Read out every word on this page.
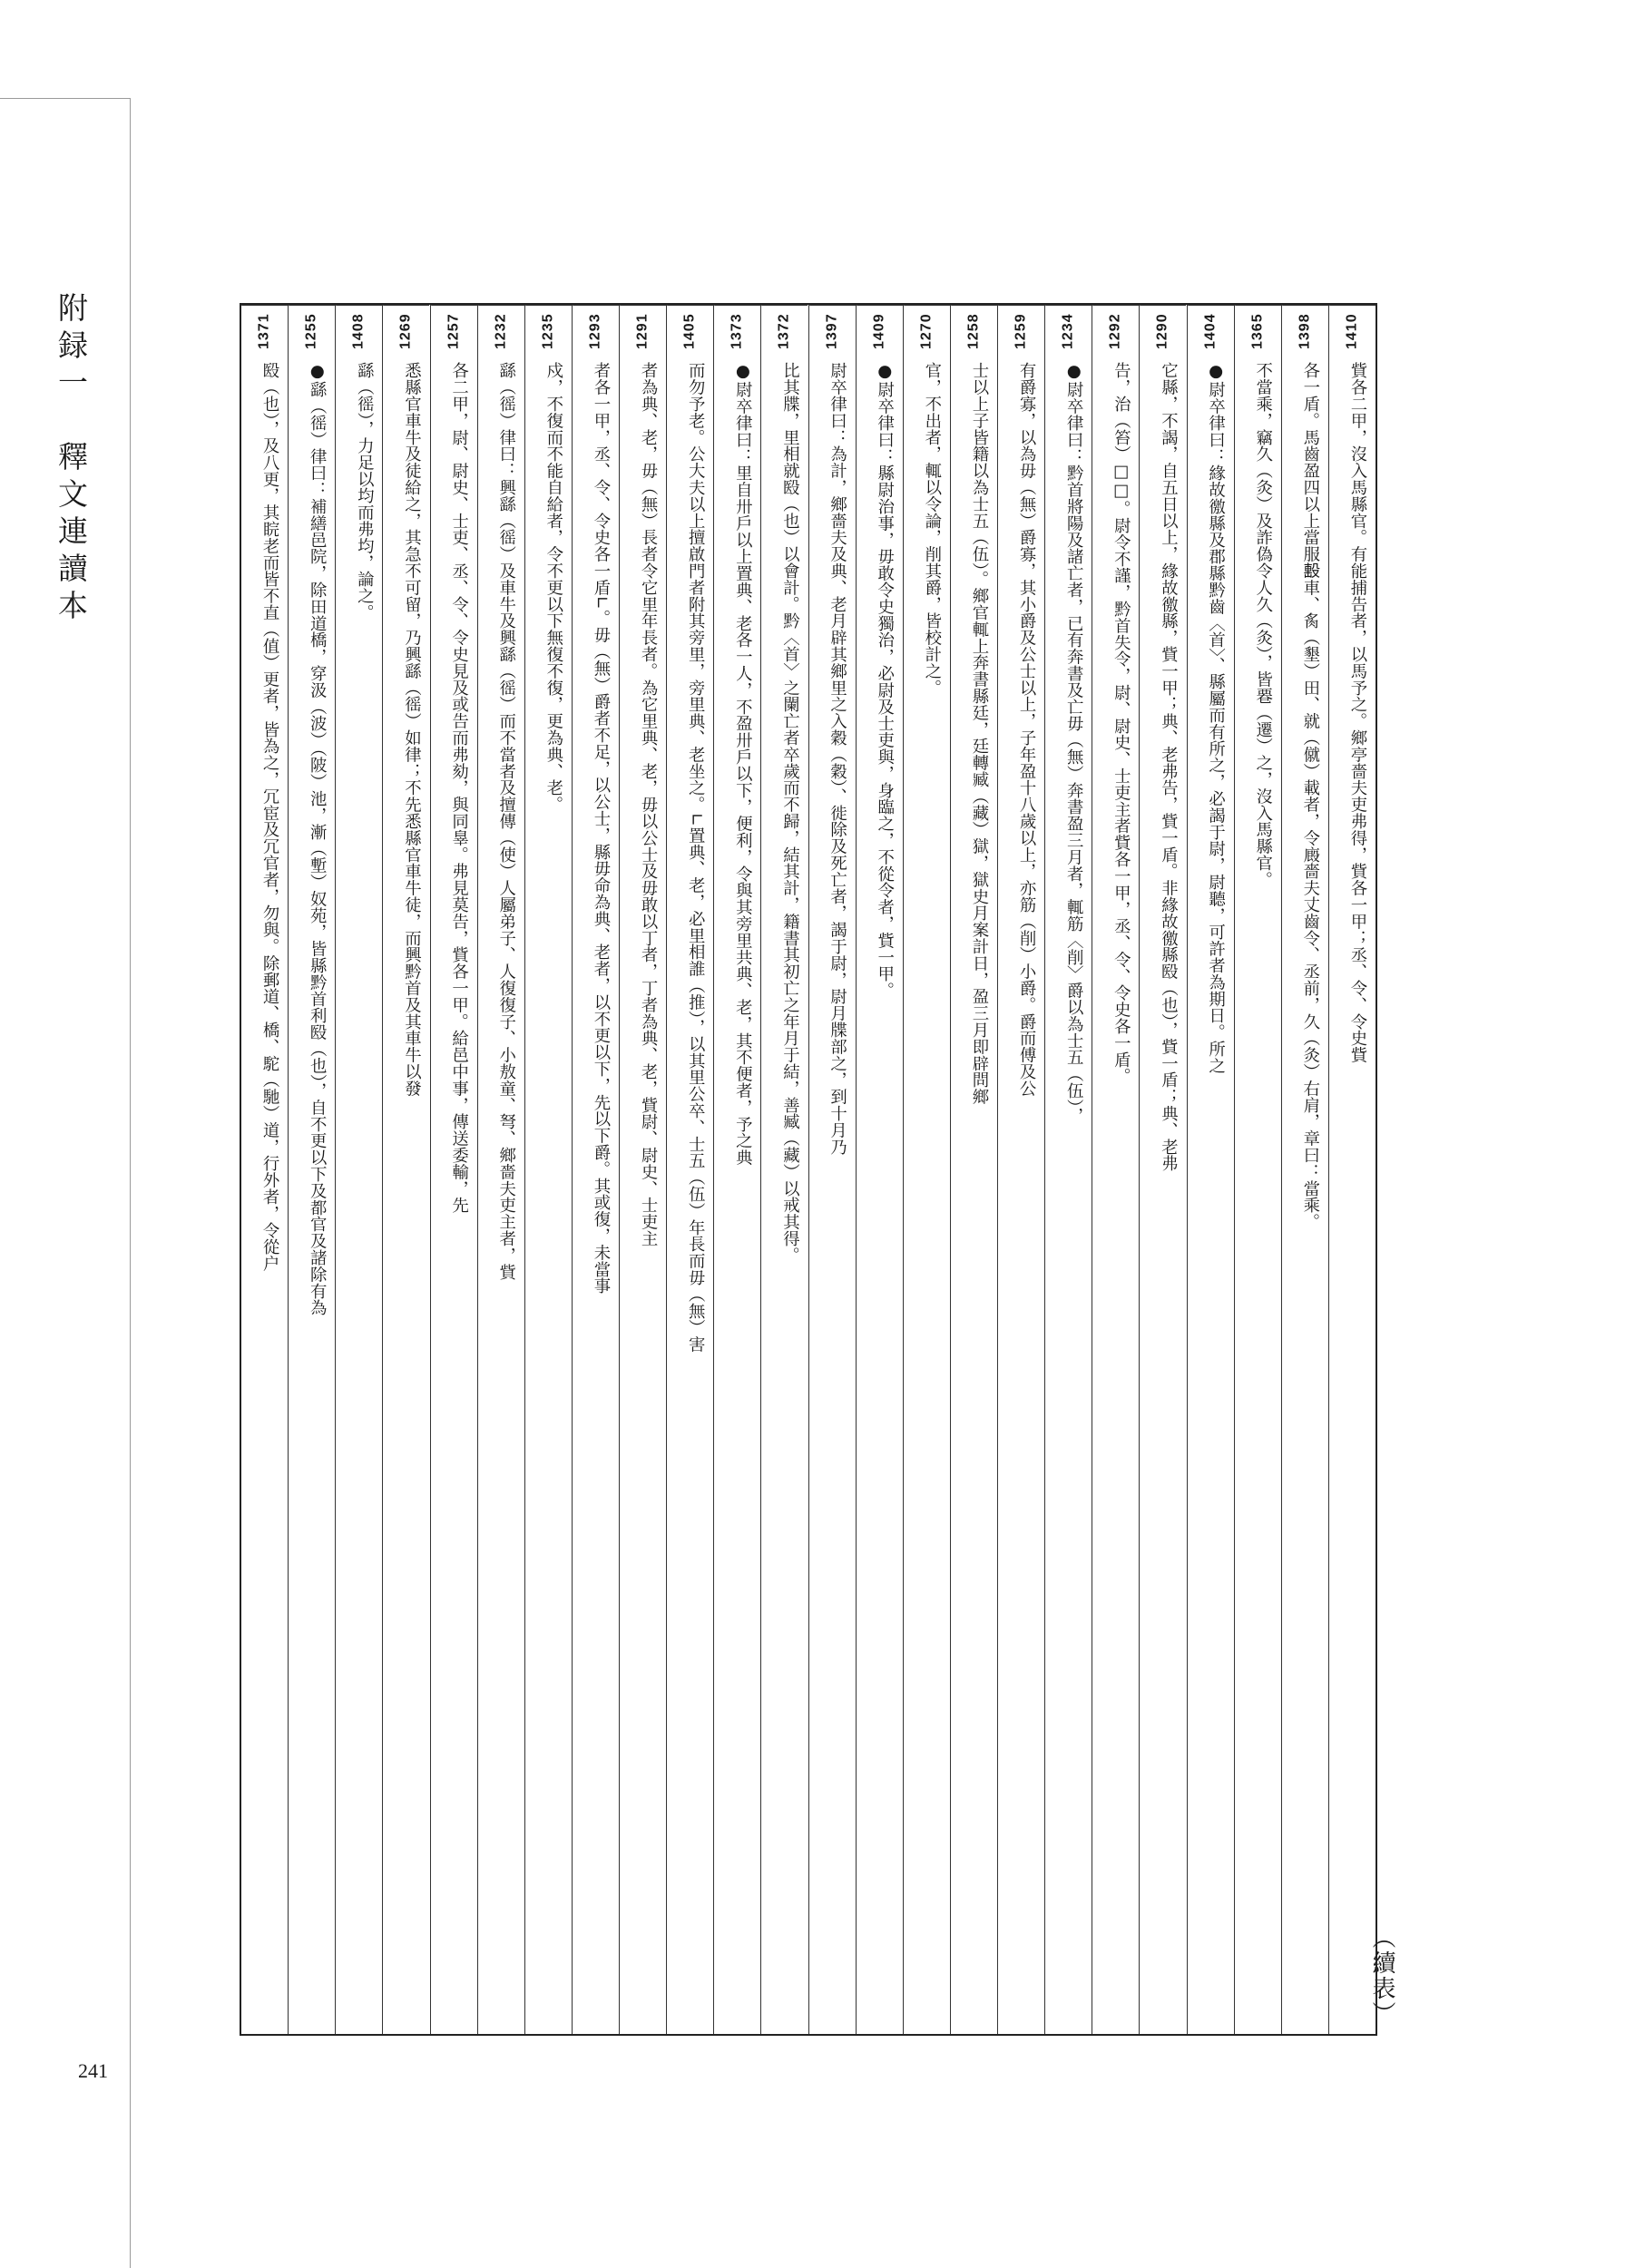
附録一　釋文連讀本
241
（續表）
1410
貲各二甲，沒入馬縣官。有能捕告者，以馬予之。鄉亭嗇夫吏弗得，貲各一甲；丞、令、令史貲
1398
各一盾。馬齒盈四以上當服𣪠車、䏑（墾）田、就（僦）載者，令廄嗇夫丈齒令、丞前，久（灸）右肩，章曰：當乘。
1365
不當乘，竊久（灸）及詐偽令人久（灸），皆䙴（遷）之，沒入馬縣官。
1404
●尉卒律曰：緣故徼縣及郡縣黔齒〈首〉、縣屬而有所之，必謁于尉，尉聽，可許者為期日。所之
1290
它縣，不謁，自五日以上，緣故徼縣，貲一甲；典、老弗告，貲一盾。非緣故徼縣殹（也），貲一盾；典、老弗
1292
告，治（笞）□□。尉令不謹，黔首失令，尉、尉史、士吏主者貲各一甲，丞、令、令史各一盾。
1234
●尉卒律曰：黔首將陽及諸亡者，已有奔書及亡毋（無）奔書盈三月者，輒筋〈削〉爵以為士五（伍），
1259
有爵寡，以為毋（無）爵寡，其小爵及公士以上，子年盈十八歲以上，亦筋（削）小爵。爵而傅及公
1258
士以上子皆籍以為士五（伍）。鄉官輒上奔書縣廷，廷轉臧（藏）獄，獄史月案計日，盈三月即辟問鄉
1270
官，不出者，輒以令論，削其爵，皆校計之。
1409
●尉卒律曰：縣尉治事，毋敢令史獨治，必尉及士吏與，身臨之，不從令者，貲一甲。
1397
尉卒律曰：為計，鄉嗇夫及典、老月辟其鄉里之入穀（穀）、徙除及死亡者，謁于尉，尉月牒部之，到十月乃
1372
比其牒，里相就殹（也）以會計。黔〈首〉之闌亡者卒歲而不歸，結其計，籍書其初亡之年月于結，善臧（藏）以戒其得。
1373
●尉卒律曰：里自卅戶以上置典、老各一人，不盈卅戶以下，便利，令與其旁里共典、老，其不便者，予之典
1405
而勿予老。公大夫以上擅啟門者附其旁里，旁里典、老坐之。∟置典、老，必里相誰（推），以其里公卒、士五（伍）年長而毋（無）害
1291
者為典、老，毋（無）長者令它里年長者。為它里典、老，毋以公士及毋敢以丁者，丁者為典、老，貲尉、尉史、士吏主
1293
者各一甲，丞、令、令史各一盾∟。毋（無）爵者不足，以公士，縣毋命為典、老者，以不更以下，先以下爵。其或復，未當事
1235
戍，不復而不能自給者，令不更以下無復不復，更為典、老。
1232
繇（徭）律曰：興繇（徭）及車牛及興繇（徭）而不當者及擅傳（使）人屬弟子、人復復子、小敖童、弩、鄉嗇夫吏主者，貲
1257
各二甲，尉、尉史、士吏、丞、令、令史見及或告而弗劾，與同辠。弗見莫告，貲各一甲。給邑中事，傳送委輸，先
1269
悉縣官車牛及徒給之，其急不可留，乃興繇（徭）如律；不先悉縣官車牛徒，而興黔首及其車牛以發
1408
繇（徭），力足以均而弗均，論之。
1255
●繇（徭）律曰：補繕邑院，除田道橋，穿汲（波）（陂）池，漸（塹）奴苑，皆縣黔首利殹（也），自不更以下及都官及諸除有為
1371
殹（也），及八更，其睆老而皆不直（值）更者，皆為之，冗宦及冗官者，勿與。除郵道、橋、駝（馳）道，行外者，令從户
